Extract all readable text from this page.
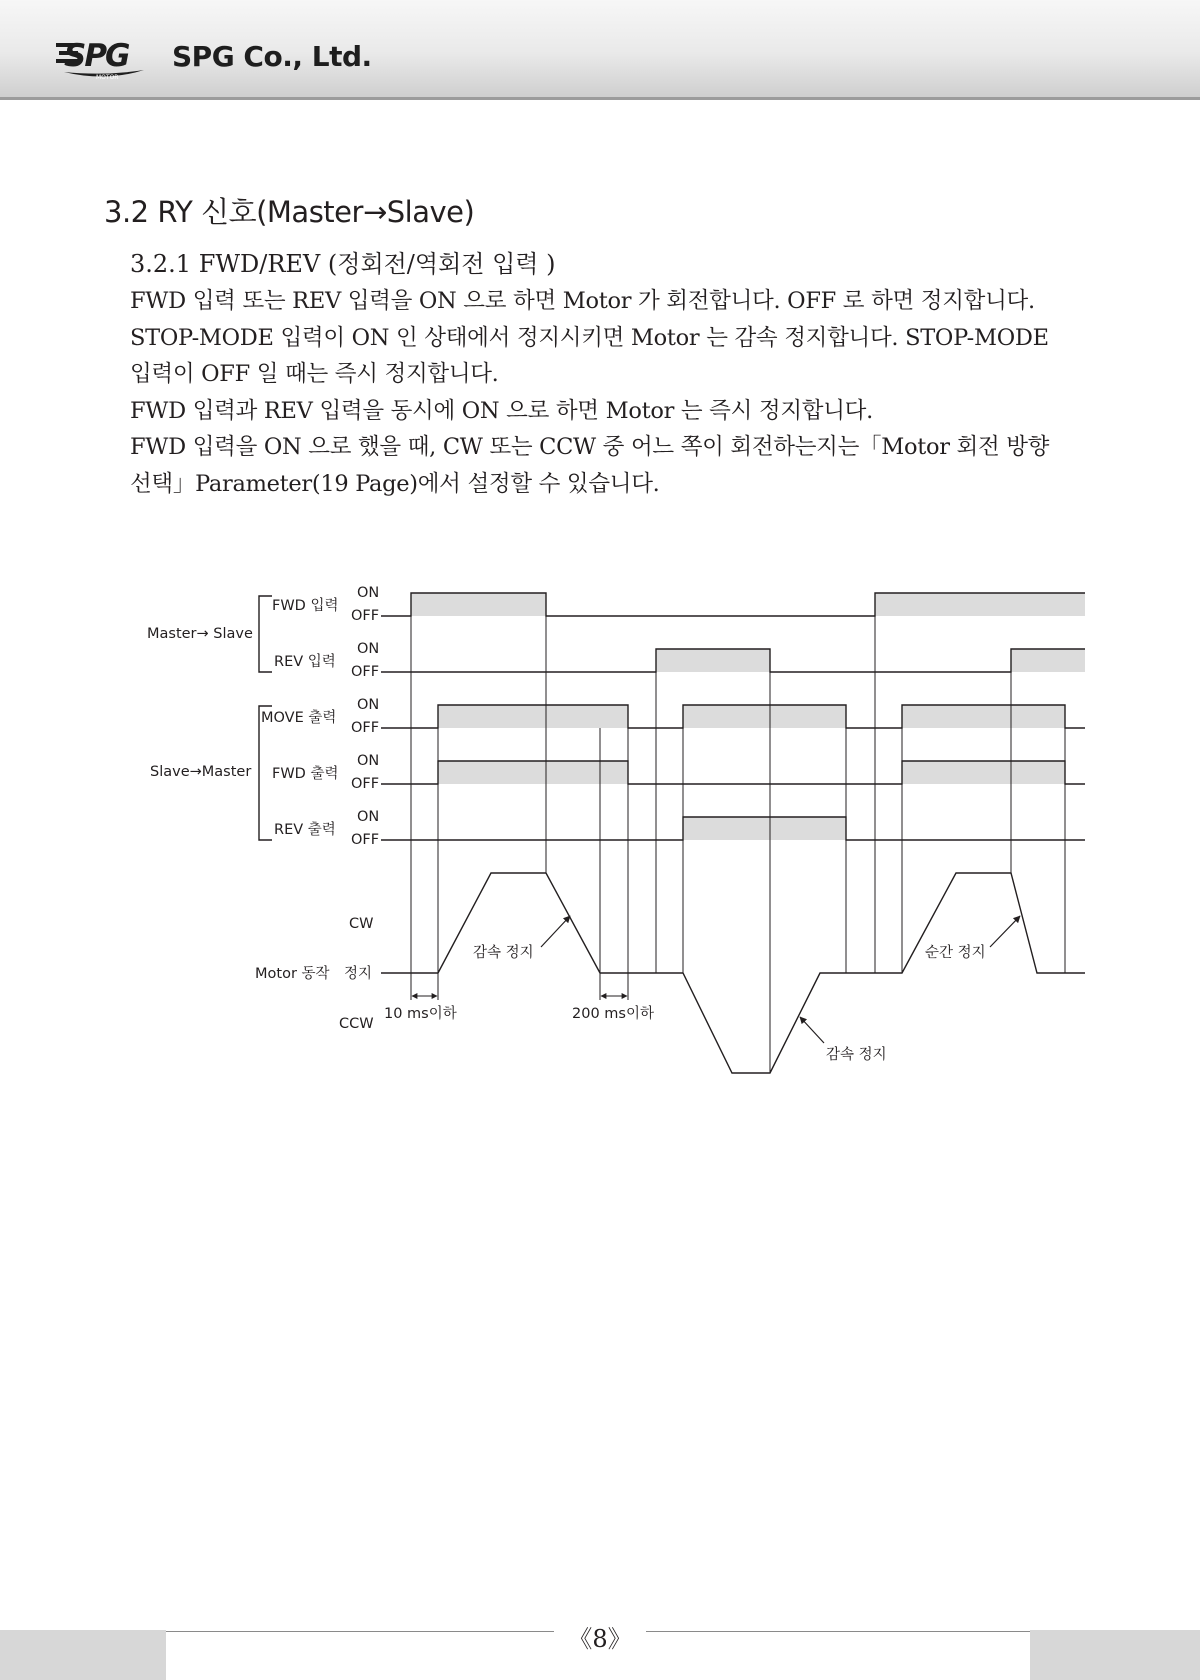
SPG
MOTOR
SPG Co., Ltd.
3.2 RY 신호(Master→Slave)
3.2.1 FWD/REV (정회전/역회전 입력 )
FWD 입력 또는 REV 입력을 ON 으로 하면 Motor 가 회전합니다. OFF 로 하면 정지합니다.
STOP-MODE 입력이 ON 인 상태에서 정지시키면 Motor 는 감속 정지합니다. STOP-MODE
입력이 OFF 일 때는 즉시 정지합니다.
FWD 입력과 REV 입력을 동시에 ON 으로 하면 Motor 는 즉시 정지합니다.
FWD 입력을 ON 으로 했을 때, CW 또는 CCW 중 어느 쪽이 회전하는지는「Motor 회전 방향
선택」Parameter(19 Page)에서 설정할 수 있습니다.
Master→ Slave
Slave→Master
FWD 입력
REV 입력
MOVE 출력
FWD 출력
REV 출력
ON
OFF
ON
OFF
ON
OFF
ON
OFF
ON
OFF
CW
Motor 동작 정지
CCW
10 ms이하	200 ms이하
감속 정지
감속 정지
순간 정지
《8》
